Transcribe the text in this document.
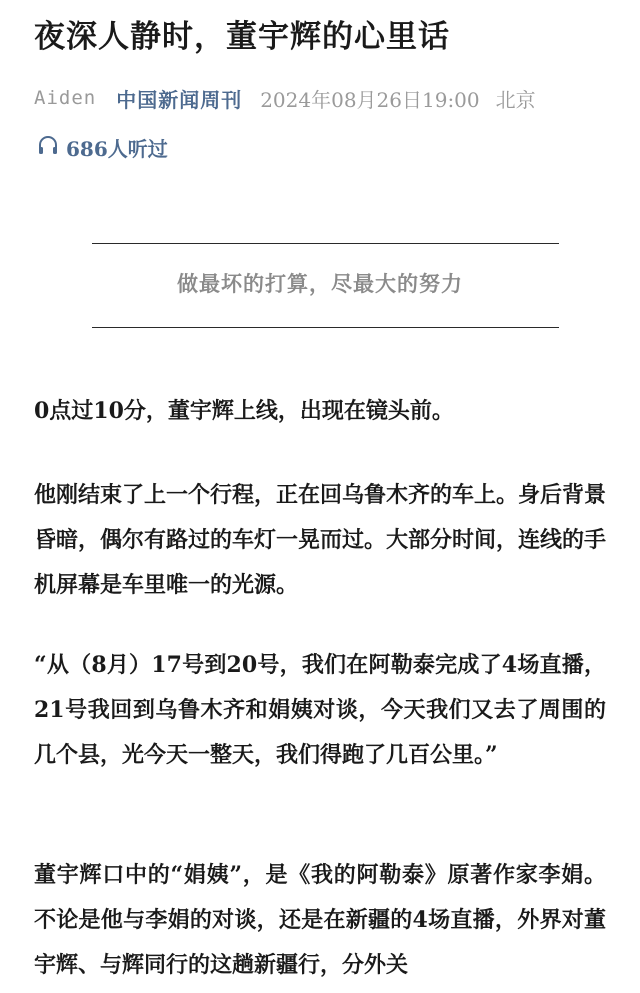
夜深人静时，董宇辉的心里话
Aiden 中国新闻周刊 2024年08月26日19:00 北京
686人听过
做最坏的打算，尽最大的努力

0点过10分，董宇辉上线，出现在镜头前。

他刚结束了上一个行程，正在回乌鲁木齐的车上。身后背景昏暗，偶尔有路过的车灯一晃而过。大部分时间，连线的手机屏幕是车里唯一的光源。

“从（8月）17号到20号，我们在阿勒泰完成了4场直播，21号我回到乌鲁木齐和娟姨对谈，今天我们又去了周围的几个县，光今天一整天，我们得跑了几百公里。”

董宇辉口中的“娟姨”，是《我的阿勒泰》原著作家李娟。不论是他与李娟的对谈，还是在新疆的4场直播，外界对董宇辉、与辉同行的这趟新疆行，分外关
